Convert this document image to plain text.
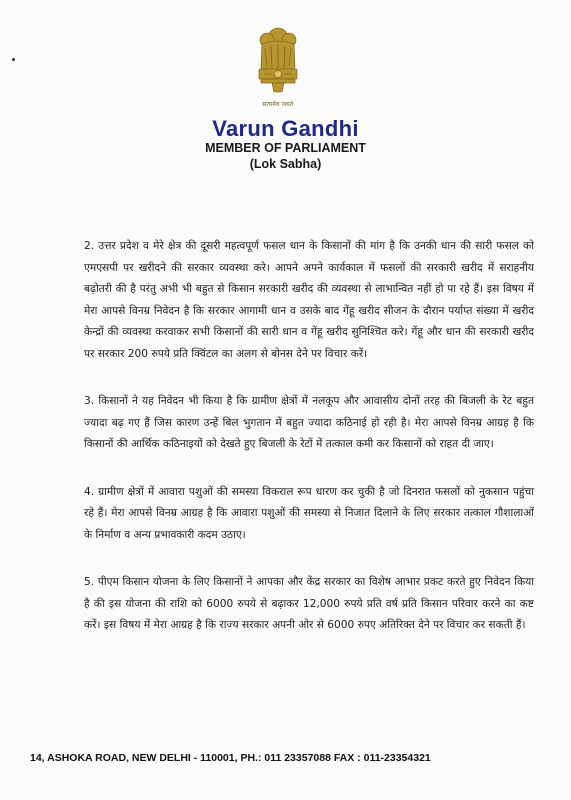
सत्यमेव जयते
Varun Gandhi
MEMBER OF PARLIAMENT
(Lok Sabha)

2. उत्तर प्रदेश व मेरे क्षेत्र की दूसरी महत्वपूर्ण फसल धान के किसानों की मांग है कि उनकी धान की सारी फसल को एमएसपी पर खरीदने की सरकार व्यवस्था करे। आपने अपने कार्यकाल में फसलों की सरकारी खरीद में सराहनीय बढ़ोतरी की है परंतु अभी भी बहुत से किसान सरकारी खरीद की व्यवस्था से लाभान्वित नहीं हो पा रहे हैं। इस विषय में मेरा आपसे विनम्र निवेदन है कि सरकार आगामी धान व उसके बाद गेंहू खरीद सीजन के दौरान पर्याप्त संख्या में खरीद केन्द्रों की व्यवस्था करवाकर सभी किसानों की सारी धान व गेंहू खरीद सुनिश्चित करे। गेंहू और धान की सरकारी खरीद पर सरकार 200 रुपये प्रति क्विंटल का अलग से बोनस देने पर विचार करें।

3. किसानों ने यह निवेदन भी किया है कि ग्रामीण क्षेत्रों में नलकूप और आवासीय दोनों तरह की बिजली के रेट बहुत ज्यादा बढ़ गए हैं जिस कारण उन्हें बिल भुगतान में बहुत ज्यादा कठिनाई हो रही है। मेरा आपसे विनम्र आग्रह है कि किसानों की आर्थिक कठिनाइयों को देखते हुए बिजली के रेटों में तत्काल कमी कर किसानों को राहत दी जाए।

4. ग्रामीण क्षेत्रों में आवारा पशुओं की समस्या विकराल रूप धारण कर चुकी है जो दिनरात फसलों को नुकसान पहुंचा रहे हैं। मेरा आपसे विनम्र आग्रह है कि आवारा पशुओं की समस्या से निजात दिलाने के लिए सरकार तत्काल गौशालाओं के निर्माण व अन्य प्रभावकारी कदम उठाए।

5. पीएम किसान योजना के लिए किसानों ने आपका और केंद्र सरकार का विशेष आभार प्रकट करते हुए निवेदन किया है की इस योजना की राशि को 6000 रुपये से बढ़ाकर 12,000 रुपये प्रति वर्ष प्रति किसान परिवार करने का कष्ट करें। इस विषय में मेरा आग्रह है कि राज्य सरकार अपनी ओर से 6000 रुपए अतिरिक्त देने पर विचार कर सकती हैं।

14, ASHOKA ROAD, NEW DELHI - 110001, PH.: 011 23357088 FAX : 011-23354321
